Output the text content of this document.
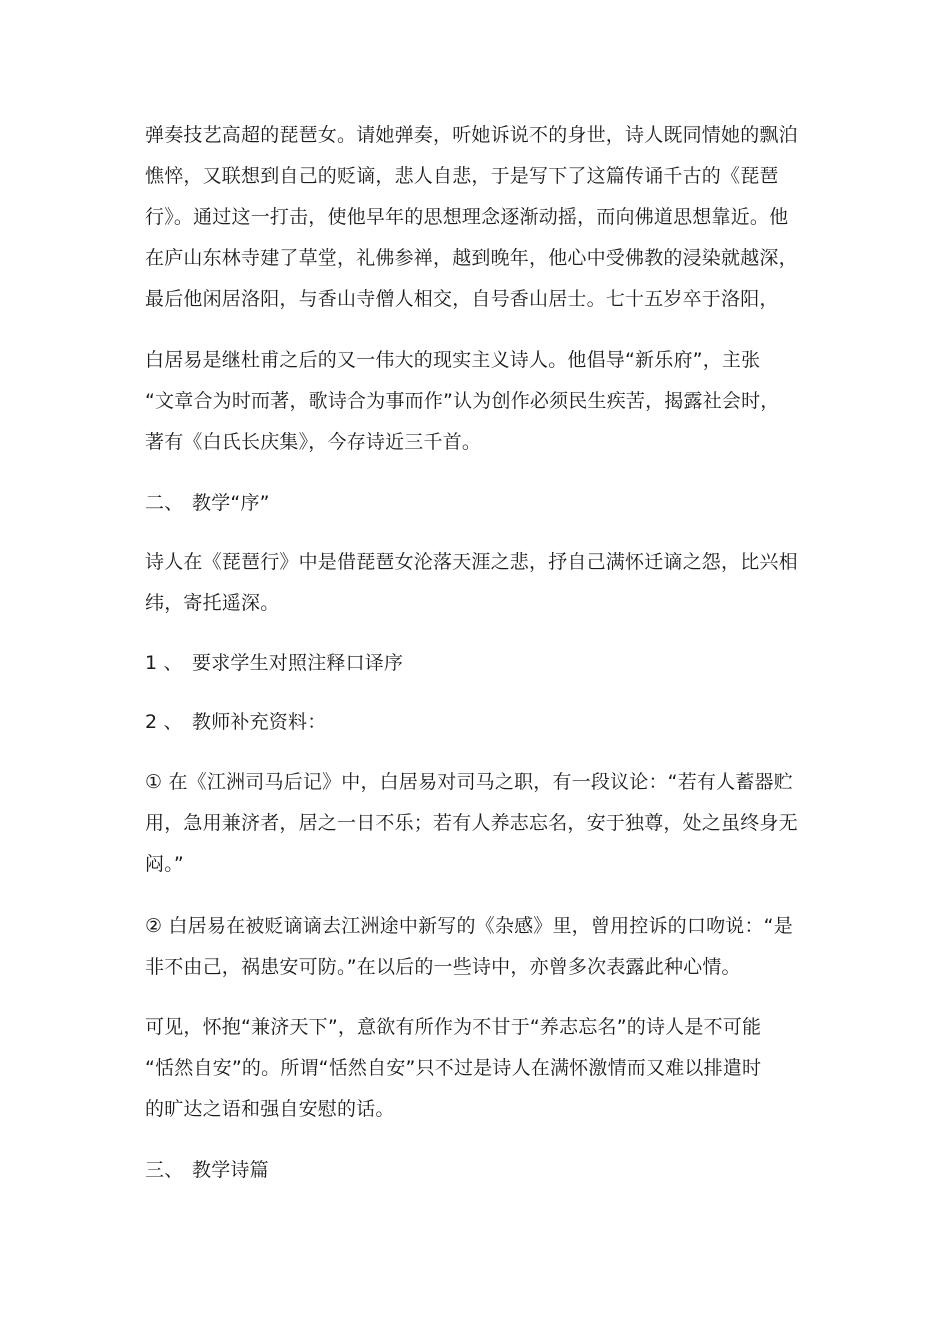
弹奏技艺高超的琵琶女。请她弹奏，听她诉说不的身世，诗人既同情她的飘泊
憔悴，又联想到自己的贬谪，悲人自悲，于是写下了这篇传诵千古的《琵琶
行》。通过这一打击，使他早年的思想理念逐渐动摇，而向佛道思想靠近。他
在庐山东林寺建了草堂，礼佛参禅，越到晚年，他心中受佛教的浸染就越深，
最后他闲居洛阳，与香山寺僧人相交，自号香山居士。七十五岁卒于洛阳，
白居易是继杜甫之后的又一伟大的现实主义诗人。他倡导“新乐府”，主张
“文章合为时而著，歌诗合为事而作”认为创作必须民生疾苦，揭露社会时，
著有《白氏长庆集》，今存诗近三千首。
二、 教学“序”
诗人在《琵琶行》中是借琵琶女沦落天涯之悲，抒自己满怀迁谪之怨，比兴相
纬，寄托遥深。
1 、 要求学生对照注释口译序
2 、 教师补充资料：
① 在《江洲司马后记》中，白居易对司马之职，有一段议论：“若有人蓄器贮
用，急用兼济者，居之一日不乐；若有人养志忘名，安于独尊，处之虽终身无
闷。”
② 白居易在被贬谪谪去江洲途中新写的《杂感》里，曾用控诉的口吻说：“是
非不由己，祸患安可防。”在以后的一些诗中，亦曾多次表露此种心情。
可见，怀抱“兼济天下”，意欲有所作为不甘于“养志忘名”的诗人是不可能
“恬然自安”的。所谓“恬然自安”只不过是诗人在满怀激情而又难以排遣时
的旷达之语和强自安慰的话。
三、 教学诗篇
